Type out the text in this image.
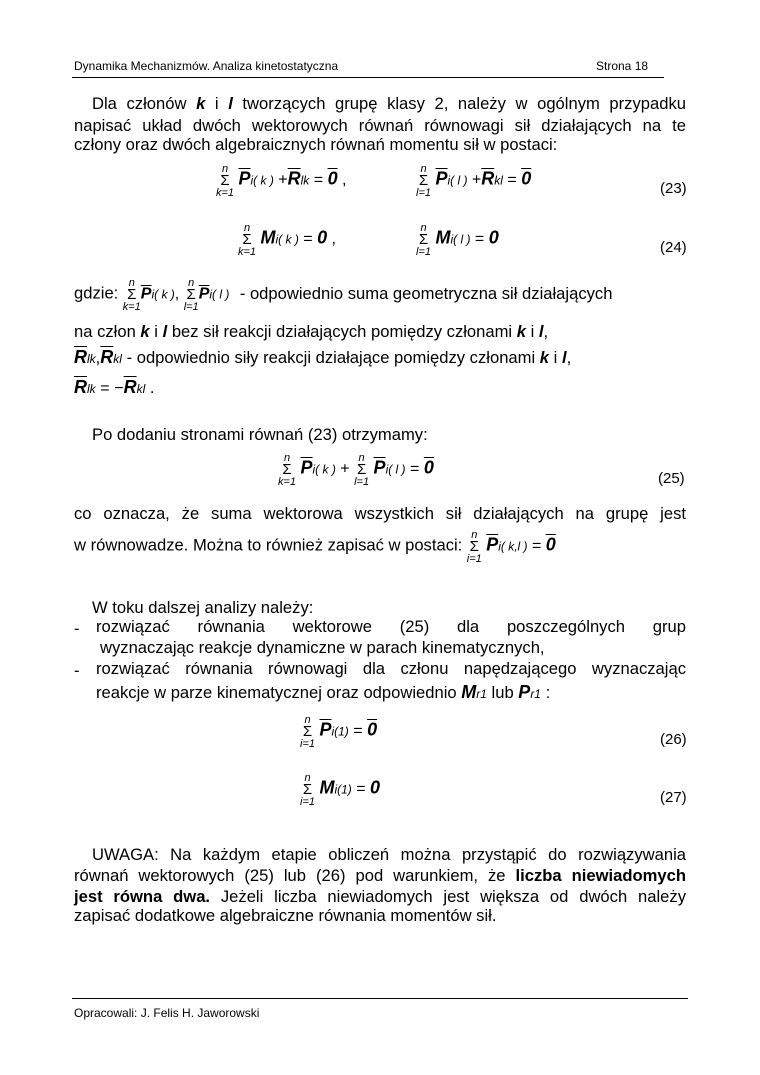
Dynamika Mechanizmów. Analiza kinetostatyczna	Strona 18
Dla członów k i l tworzących grupę klasy 2, należy w ogólnym przypadku
napisać układ dwóch wektorowych równań równowagi sił działających na te
człony oraz dwóch algebraicznych równań momentu sił w postaci:
n
Σ
k=1 $\overline{P}i$( k ) $+\overline{R}lk = 0$ ,
n
Σ
l=1 $\overline{P}i$( l ) $+\overline{R}kl = 0$	(23)
n
Σ
k=1 Mi( k ) = 0 ,
n
Σ
l=1 Mi( l ) = 0	(24)
gdzie: n
Σ
$k=1\overline{P}i$( k ), n
Σ
$l=1\overline{P}i$( l ) - odpowiednio suma geometryczna sił działających
na człon k i l bez sił reakcji działających pomiędzy członami k i l,
$\overline{R}lk,\overline{R}kl$ - odpowiednio siły reakcji działające pomiędzy członami k i l,
$\overline{R}lk = -\overline{R}kl$ .
Po dodaniu stronami równań (23) otrzymamy:
n
Σ
k=1 $\overline{P}i$( k ) + n
Σ
l=1 $\overline{P}i$( l ) = 0
(25)
co oznacza, że suma wektorowa wszystkich sił działających na grupę jest
w równowadze. Można to również zapisać w postaci: n
Σ
i=1 $\overline{P}i$( k,l ) = 0
W toku dalszej analizy należy:
- rozwiązać równania wektorowe (25) dla poszczególnych grup
wyznaczając reakcje dynamiczne w parach kinematycznych,
- rozwiązać równania równowagi dla członu napędzającego wyznaczając
reakcje w parze kinematycznej oraz odpowiednio Mr1 lub Pr1 :
n
Σ
i=1 $\overline{P}i(1) = 0$	(26)
n
Σ
i=1 Mi(1) = 0	(27)
UWAGA: Na każdym etapie obliczeń można przystąpić do rozwiązywania
równań wektorowych (25) lub (26) pod warunkiem, że liczba niewiadomych
jest równa dwa. Jeżeli liczba niewiadomych jest większa od dwóch należy
zapisać dodatkowe algebraiczne równania momentów sił.
Opracowali: J. Felis H. Jaworowski
